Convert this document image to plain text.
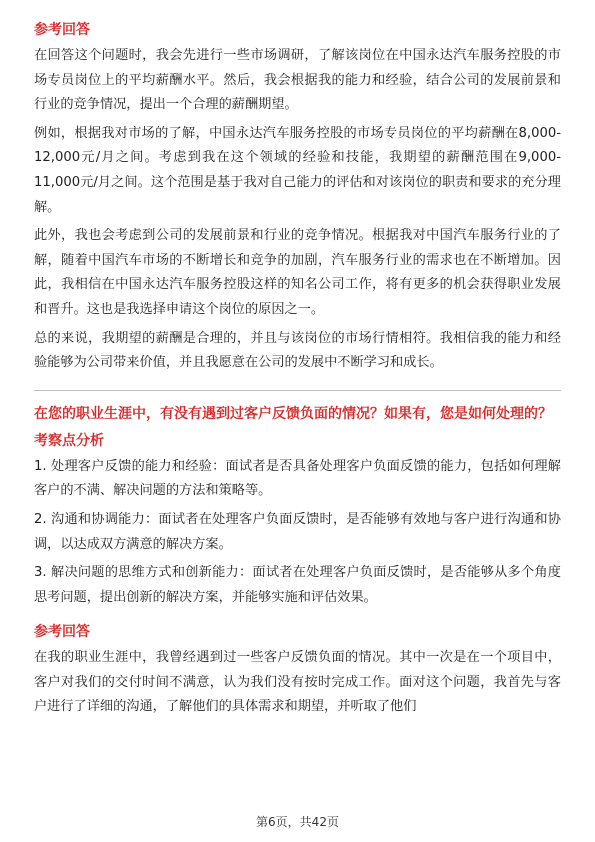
参考回答
在回答这个问题时，我会先进行一些市场调研，了解该岗位在中国永达汽车服务控股的市场专员岗位上的平均薪酬水平。然后，我会根据我的能力和经验，结合公司的发展前景和行业的竞争情况，提出一个合理的薪酬期望。
例如，根据我对市场的了解，中国永达汽车服务控股的市场专员岗位的平均薪酬在8,000-12,000元/月之间。考虑到我在这个领域的经验和技能，我期望的薪酬范围在9,000-11,000元/月之间。这个范围是基于我对自己能力的评估和对该岗位的职责和要求的充分理解。
此外，我也会考虑到公司的发展前景和行业的竞争情况。根据我对中国汽车服务行业的了解，随着中国汽车市场的不断增长和竞争的加剧，汽车服务行业的需求也在不断增加。因此，我相信在中国永达汽车服务控股这样的知名公司工作，将有更多的机会获得职业发展和晋升。这也是我选择申请这个岗位的原因之一。
总的来说，我期望的薪酬是合理的，并且与该岗位的市场行情相符。我相信我的能力和经验能够为公司带来价值，并且我愿意在公司的发展中不断学习和成长。
在您的职业生涯中，有没有遇到过客户反馈负面的情况？如果有，您是如何处理的？
考察点分析
1. 处理客户反馈的能力和经验：面试者是否具备处理客户负面反馈的能力，包括如何理解客户的不满、解决问题的方法和策略等。
2. 沟通和协调能力：面试者在处理客户负面反馈时，是否能够有效地与客户进行沟通和协调，以达成双方满意的解决方案。
3. 解决问题的思维方式和创新能力：面试者在处理客户负面反馈时，是否能够从多个角度思考问题，提出创新的解决方案，并能够实施和评估效果。
参考回答
在我的职业生涯中，我曾经遇到过一些客户反馈负面的情况。其中一次是在一个项目中，客户对我们的交付时间不满意，认为我们没有按时完成工作。面对这个问题，我首先与客户进行了详细的沟通，了解他们的具体需求和期望，并听取了他们
第6页，共42页
